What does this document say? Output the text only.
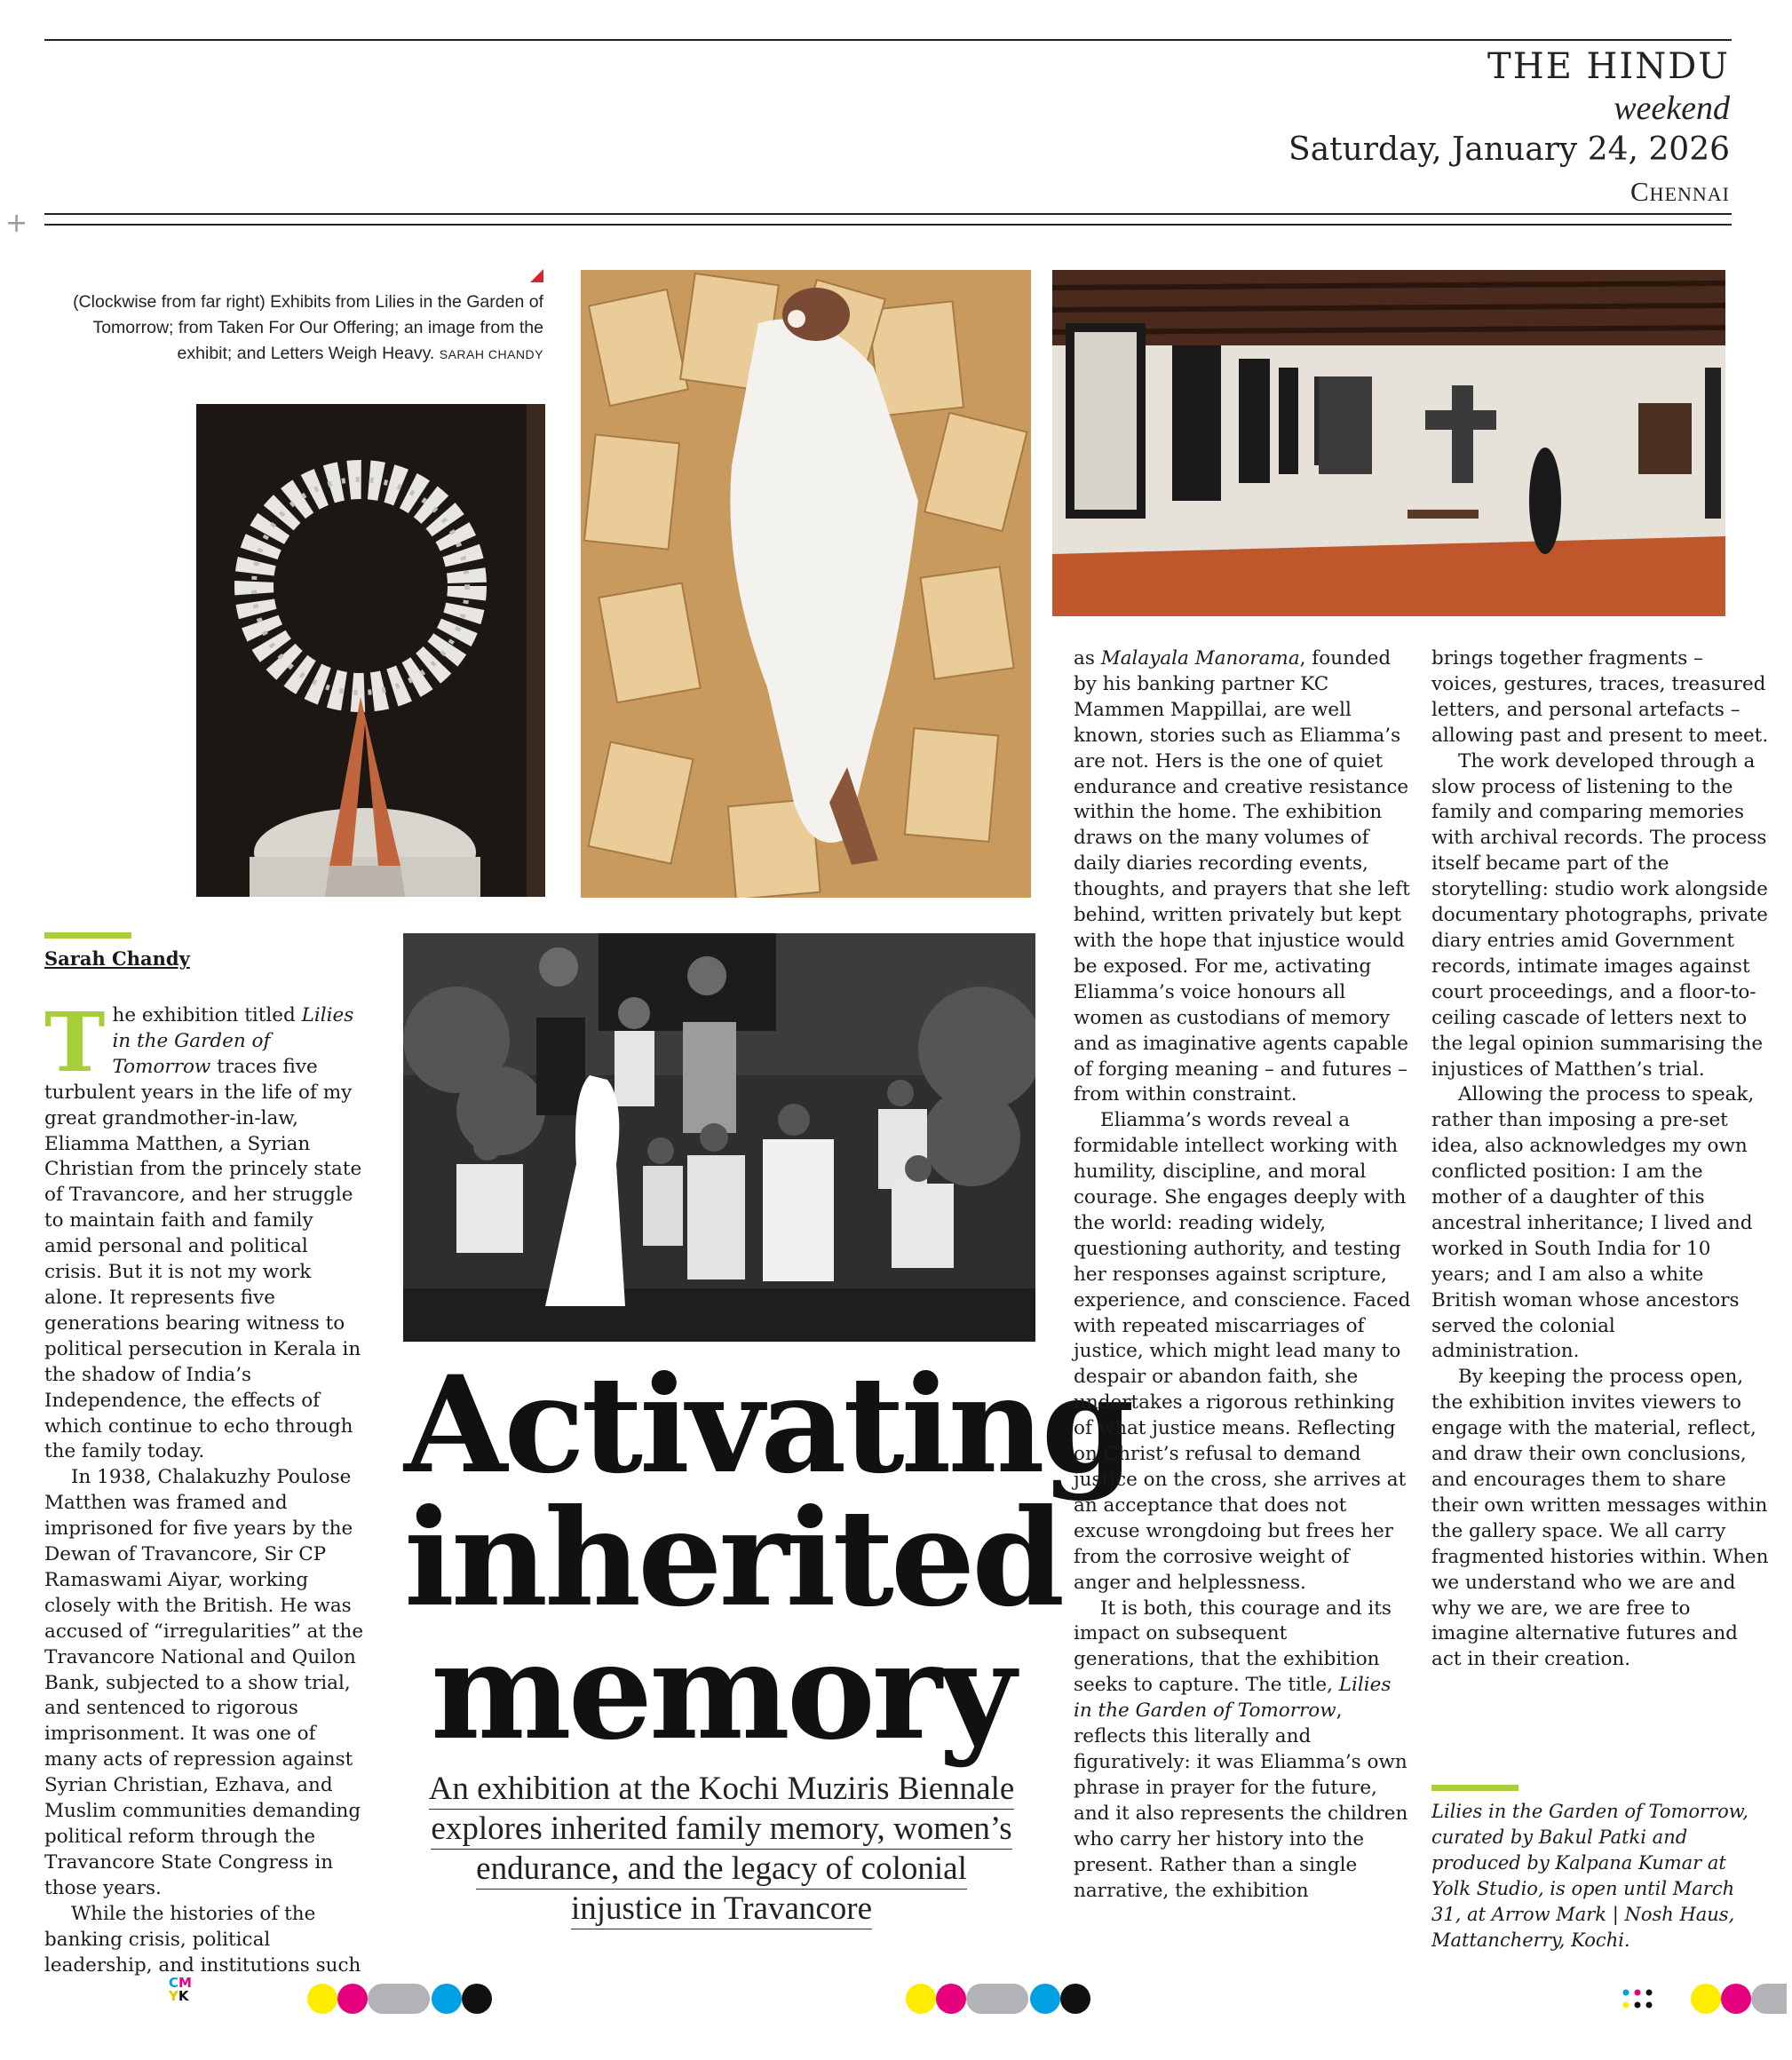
+
THE HINDU
weekend
Saturday, January 24, 2026
Chennai
(Clockwise from far right) Exhibits from Lilies in the Garden of Tomorrow; from Taken For Our Offering; an image from the exhibit; and Letters Weigh Heavy. SARAH CHANDY
Sarah Chandy

The exhibition titled Lilies in the Garden of Tomorrow traces five turbulent years in the life of my great grandmother-in-law, Eliamma Matthen, a Syrian Christian from the princely state of Travancore, and her struggle to maintain faith and family amid personal and political crisis. But it is not my work alone. It represents five generations bearing witness to political persecution in Kerala in the shadow of India’s Independence, the effects of which continue to echo through the family today.

In 1938, Chalakuzhy Poulose Matthen was framed and imprisoned for five years by the Dewan of Travancore, Sir CP Ramaswami Aiyar, working closely with the British. He was accused of “irregularities” at the Travancore National and Quilon Bank, subjected to a show trial, and sentenced to rigorous imprisonment. It was one of many acts of repression against Syrian Christian, Ezhava, and Muslim communities demanding political reform through the Travancore State Congress in those years.

While the histories of the banking crisis, political leadership, and institutions such

Activating
inherited
memory
An exhibition at the Kochi Muziris Biennale
explores inherited family memory, women’s
endurance, and the legacy of colonial
injustice in Travancore

as Malayala Manorama, founded by his banking partner KC Mammen Mappillai, are well known, stories such as Eliamma’s are not. Hers is the one of quiet endurance and creative resistance within the home. The exhibition draws on the many volumes of daily diaries recording events, thoughts, and prayers that she left behind, written privately but kept with the hope that injustice would be exposed. For me, activating Eliamma’s voice honours all women as custodians of memory and as imaginative agents capable of forging meaning – and futures – from within constraint.

Eliamma’s words reveal a formidable intellect working with humility, discipline, and moral courage. She engages deeply with the world: reading widely, questioning authority, and testing her responses against scripture, experience, and conscience. Faced with repeated miscarriages of justice, which might lead many to despair or abandon faith, she undertakes a rigorous rethinking of what justice means. Reflecting on Christ’s refusal to demand justice on the cross, she arrives at an acceptance that does not excuse wrongdoing but frees her from the corrosive weight of anger and helplessness.

It is both, this courage and its impact on subsequent generations, that the exhibition seeks to capture. The title, Lilies in the Garden of Tomorrow, reflects this literally and figuratively: it was Eliamma’s own phrase in prayer for the future, and it also represents the children who carry her history into the present. Rather than a single narrative, the exhibition

brings together fragments – voices, gestures, traces, treasured letters, and personal artefacts – allowing past and present to meet.

The work developed through a slow process of listening to the family and comparing memories with archival records. The process itself became part of the storytelling: studio work alongside documentary photographs, private diary entries amid Government records, intimate images against court proceedings, and a floor-to-ceiling cascade of letters next to the legal opinion summarising the injustices of Matthen’s trial.

Allowing the process to speak, rather than imposing a pre-set idea, also acknowledges my own conflicted position: I am the mother of a daughter of this ancestral inheritance; I lived and worked in South India for 10 years; and I am also a white British woman whose ancestors served the colonial administration.

By keeping the process open, the exhibition invites viewers to engage with the material, reflect, and draw their own conclusions, and encourages them to share their own written messages within the gallery space. We all carry fragmented histories within. When we understand who we are and why we are, we are free to imagine alternative futures and act in their creation.

Lilies in the Garden of Tomorrow, curated by Bakul Patki and produced by Kalpana Kumar at Yolk Studio, is open until March 31, at Arrow Mark | Nosh Haus, Mattancherry, Kochi.
CM
YK
